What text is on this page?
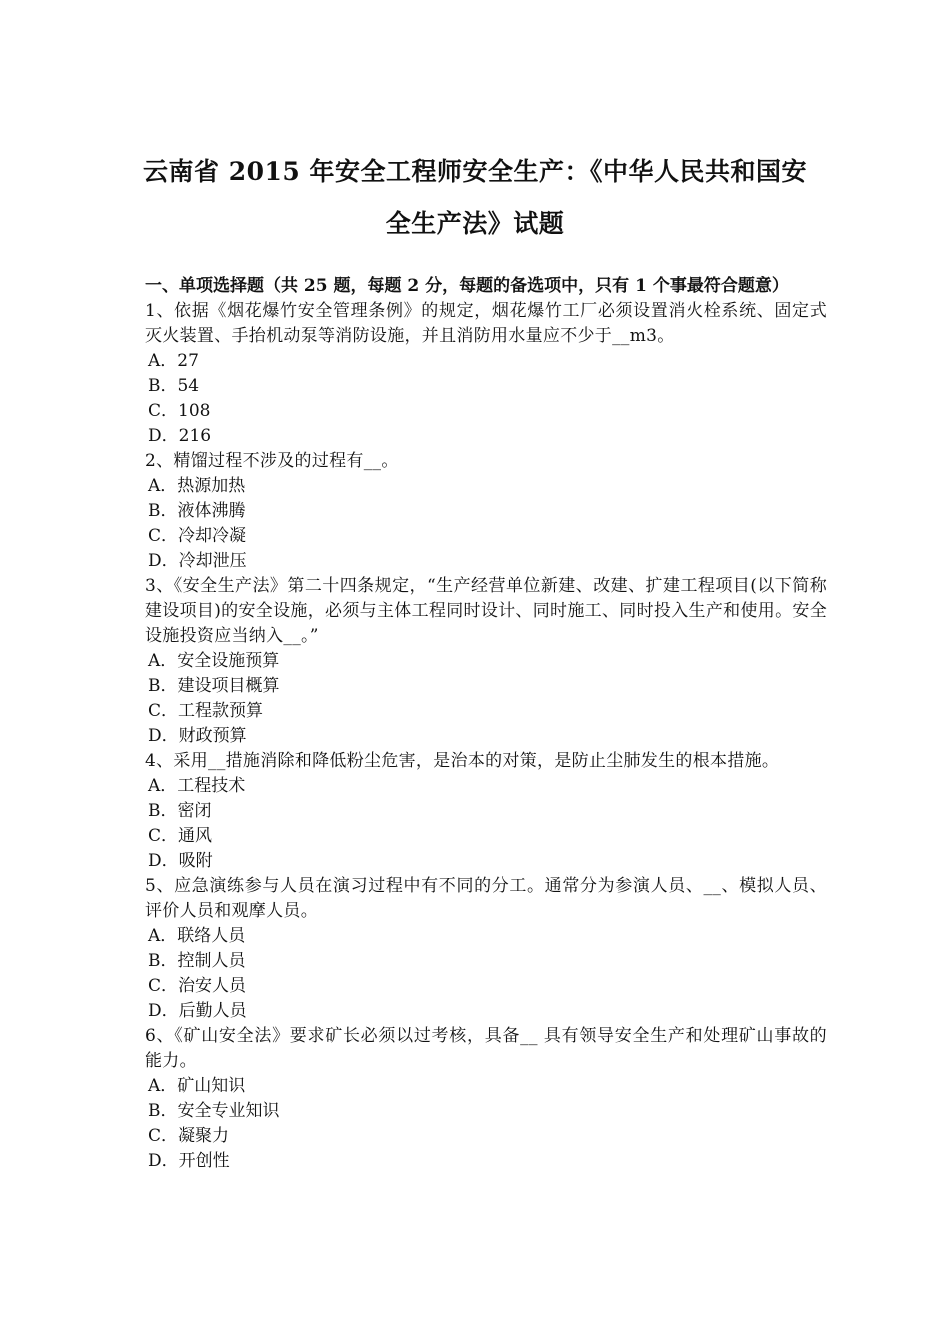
云南省 2015 年安全工程师安全生产：《中华人民共和国安
全生产法》试题

一、单项选择题（共 25 题，每题 2 分，每题的备选项中，只有 1 个事最符合题意）

1、依据《烟花爆竹安全管理条例》的规定，烟花爆竹工厂必须设置消火栓系统、固定式灭火装置、手抬机动泵等消防设施，并且消防用水量应不少于__m3。

A．27

B．54

C．108

D．216

2、精馏过程不涉及的过程有__。

A．热源加热

B．液体沸腾

C．冷却冷凝

D．冷却泄压

3、《安全生产法》第二十四条规定，“生产经营单位新建、改建、扩建工程项目(以下简称建设项目)的安全设施，必须与主体工程同时设计、同时施工、同时投入生产和使用。安全设施投资应当纳入__。”

A．安全设施预算

B．建设项目概算

C．工程款预算

D．财政预算

4、采用__措施消除和降低粉尘危害，是治本的对策，是防止尘肺发生的根本措施。

A．工程技术

B．密闭

C．通风

D．吸附

5、应急演练参与人员在演习过程中有不同的分工。通常分为参演人员、__、模拟人员、评价人员和观摩人员。

A．联络人员

B．控制人员

C．治安人员

D．后勤人员

6、《矿山安全法》要求矿长必须以过考核，具备__ 具有领导安全生产和处理矿山事故的能力。

A．矿山知识

B．安全专业知识

C．凝聚力

D．开创性
